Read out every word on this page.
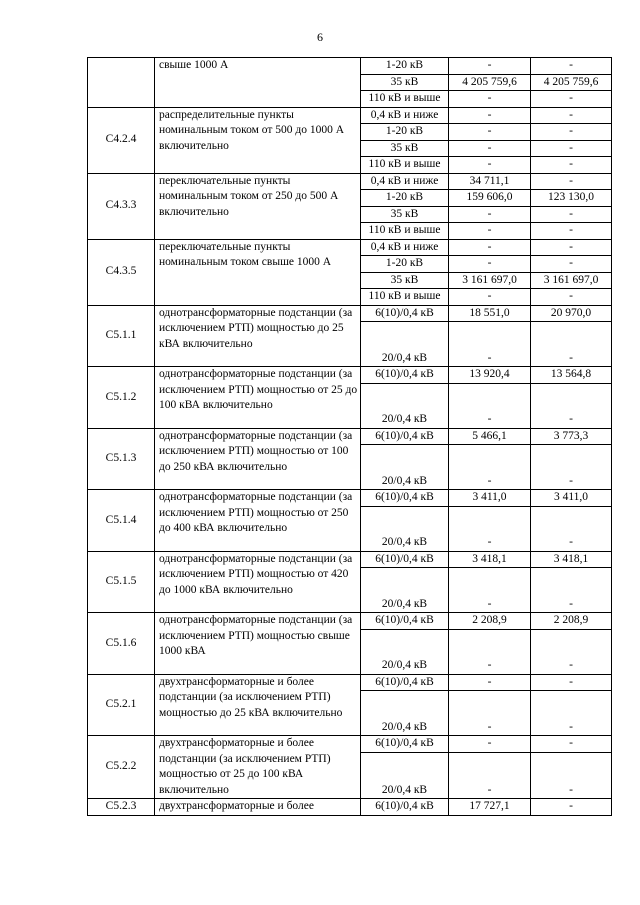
6
	свыше 1000 А	1-20 кВ	-	-
		35 кВ	4 205 759,6	4 205 759,6
		110 кВ и выше	-	-
С4.2.4	распределительные пункты номинальным током от 500 до 1000 А включительно	0,4 кВ и ниже	-	-
		1-20 кВ	-	-
		35 кВ	-	-
		110 кВ и выше	-	-
С4.3.3	переключательные пункты номинальным током от 250 до 500 А включительно	0,4 кВ и ниже	34 711,1	-
		1-20 кВ	159 606,0	123 130,0
		35 кВ	-	-
		110 кВ и выше	-	-
С4.3.5	переключательные пункты номинальным током свыше 1000 А	0,4 кВ и ниже	-	-
		1-20 кВ	-	-
		35 кВ	3 161 697,0	3 161 697,0
		110 кВ и выше	-	-
С5.1.1	однотрансформаторные подстанции (за исключением РТП) мощностью до 25 кВА включительно	6(10)/0,4 кВ	18 551,0	20 970,0
		20/0,4 кВ	-	-
С5.1.2	однотрансформаторные подстанции (за исключением РТП) мощностью от 25 до 100 кВА включительно	6(10)/0,4 кВ	13 920,4	13 564,8
		20/0,4 кВ	-	-
С5.1.3	однотрансформаторные подстанции (за исключением РТП) мощностью от 100 до 250 кВА включительно	6(10)/0,4 кВ	5 466,1	3 773,3
		20/0,4 кВ	-	-
С5.1.4	однотрансформаторные подстанции (за исключением РТП) мощностью от 250 до 400 кВА включительно	6(10)/0,4 кВ	3 411,0	3 411,0
		20/0,4 кВ	-	-
С5.1.5	однотрансформаторные подстанции (за исключением РТП) мощностью от 420 до 1000 кВА включительно	6(10)/0,4 кВ	3 418,1	3 418,1
		20/0,4 кВ	-	-
С5.1.6	однотрансформаторные подстанции (за исключением РТП) мощностью свыше 1000 кВА	6(10)/0,4 кВ	2 208,9	2 208,9
		20/0,4 кВ	-	-
С5.2.1	двухтрансформаторные и более подстанции (за исключением РТП) мощностью до 25 кВА включительно	6(10)/0,4 кВ	-	-
		20/0,4 кВ	-	-
С5.2.2	двухтрансформаторные и более подстанции (за исключением РТП) мощностью от 25 до 100 кВА включительно	6(10)/0,4 кВ	-	-
		20/0,4 кВ	-	-
С5.2.3	двухтрансформаторные и более	6(10)/0,4 кВ	17 727,1	-
